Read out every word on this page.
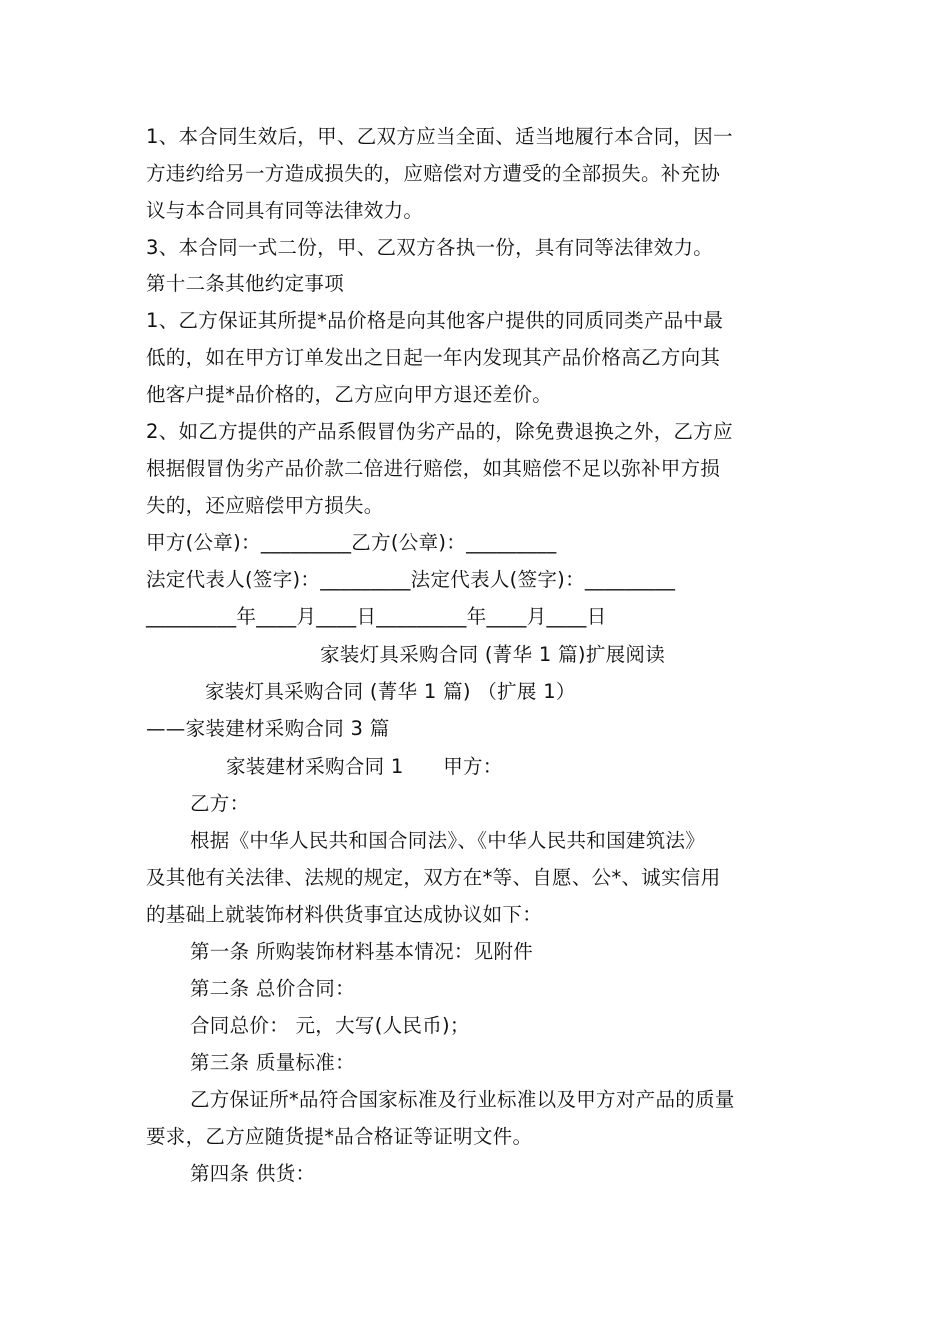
1、本合同生效后，甲、乙双方应当全面、适当地履行本合同，因一
方违约给另一方造成损失的，应赔偿对方遭受的全部损失。补充协
议与本合同具有同等法律效力。
3、本合同一式二份，甲、乙双方各执一份，具有同等法律效力。
第十二条其他约定事项
1、乙方保证其所提*品价格是向其他客户提供的同质同类产品中最
低的，如在甲方订单发出之日起一年内发现其产品价格高乙方向其
他客户提*品价格的，乙方应向甲方退还差价。
2、如乙方提供的产品系假冒伪劣产品的，除免费退换之外，乙方应
根据假冒伪劣产品价款二倍进行赔偿，如其赔偿不足以弥补甲方损
失的，还应赔偿甲方损失。
甲方(公章)：_________乙方(公章)：_________
法定代表人(签字)：_________法定代表人(签字)：_________
_________年____月____日_________年____月____日
家装灯具采购合同 (菁华 1 篇)扩展阅读
家装灯具采购合同 (菁华 1 篇) （扩展 1）
——家装建材采购合同 3 篇
家装建材采购合同 1　　甲方：
乙方：
根据《中华人民共和国合同法》、《中华人民共和国建筑法》
及其他有关法律、法规的规定，双方在*等、自愿、公*、诚实信用
的基础上就装饰材料供货事宜达成协议如下：
第一条 所购装饰材料基本情况：见附件
第二条 总价合同：
合同总价： 元，大写(人民币)；
第三条 质量标准：
乙方保证所*品符合国家标准及行业标准以及甲方对产品的质量
要求，乙方应随货提*品合格证等证明文件。
第四条 供货：
